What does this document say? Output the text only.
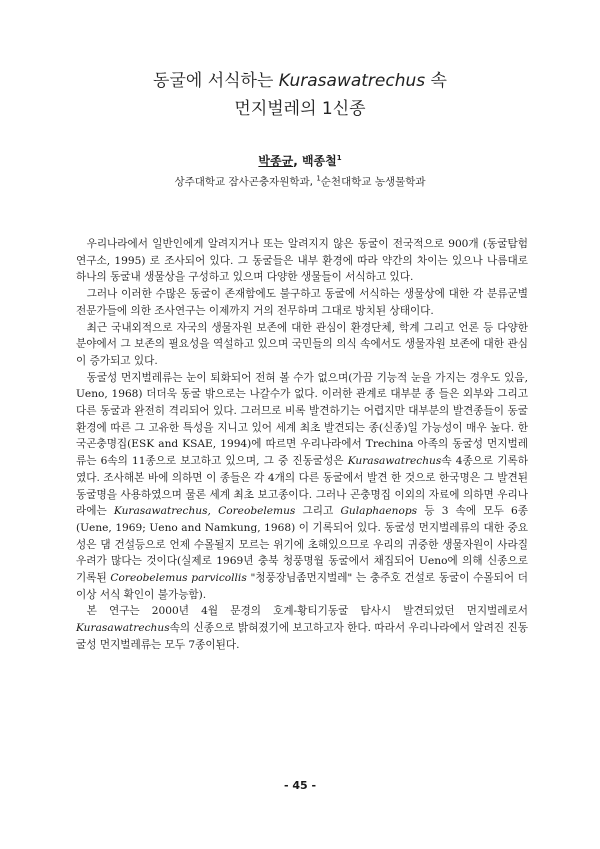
동굴에 서식하는 Kurasawatrechus 속
먼지벌레의 1신종
박종균, 백종철$^1$
상주대학교 잠사곤충자원학과, $^1$순천대학교 농생물학과

우리나라에서 일반인에게 알려지거나 또는 알려지지 않은 동굴이 전국적으로 900개 (동굴탐험연구소, 1995) 로 조사되어 있다. 그 동굴들은 내부 환경에 따라 약간의 차이는 있으나 나름대로 하나의 동굴내 생물상을 구성하고 있으며 다양한 생물들이 서식하고 있다.

그러나 이러한 수많은 동굴이 존재함에도 불구하고 동굴에 서식하는 생물상에 대한 각 분류군별 전문가들에 의한 조사연구는 이제까지 거의 전무하며 그대로 방치된 상태이다.

최근 국내외적으로 자국의 생물자원 보존에 대한 관심이 환경단체, 학계 그리고 언론 등 다양한 분야에서 그 보존의 필요성을 역설하고 있으며 국민들의 의식 속에서도 생물자원 보존에 대한 관심이 증가되고 있다.

동굴성 먼지벌레류는 눈이 퇴화되어 전혀 볼 수가 없으며(가끔 기능적 눈을 가지는 경우도 있음, Ueno, 1968) 더더욱 동굴 밖으로는 나갈수가 없다. 이러한 관계로 대부분 종 들은 외부와 그리고 다른 동굴과 완전히 격리되어 있다. 그러므로 비록 발견하기는 어렵지만 대부분의 발견종들이 동굴환경에 따른 그 고유한 특성을 지니고 있어 세계 최초 발견되는 종(신종)일 가능성이 매우 높다. 한국곤충명집(ESK and KSAE, 1994)에 따르면 우리나라에서 Trechina 아족의 동굴성 먼지벌레류는 6속의 11종으로 보고하고 있으며, 그 중 진동굴성은 Kurasawatrechus속 4종으로 기록하였다. 조사해본 바에 의하면 이 종들은 각 4개의 다른 동굴에서 발견 한 것으로 한국명은 그 발견된 동굴명을 사용하였으며 물론 세계 최초 보고종이다. 그러나 곤충명집 이외의 자료에 의하면 우리나라에는 Kurasawatrechus, Coreobelemus 그리고 Gulaphaenops 등 3 속에 모두 6종(Uene, 1969; Ueno and Namkung, 1968) 이 기록되어 있다. 동굴성 먼지벌레류의 대한 중요성은 댐 건설등으로 언제 수몰될지 모르는 위기에 초해있으므로 우리의 귀중한 생물자원이 사라질 우려가 많다는 것이다(실제로 1969년 충북 청풍명월 동굴에서 채집되어 Ueno에 의해 신종으로 기록된 Coreobelemus parvicollis "청풍장님좀먼지벌레" 는 충주호 건설로 동굴이 수몰되어 더 이상 서식 확인이 불가능함).

본 연구는 2000년 4월 문경의 호계-황티기동굴 탐사시 발견되었던 먼지벌레로서 Kurasawatrechus속의 신종으로 밝혀졌기에 보고하고자 한다. 따라서 우리나라에서 알려진 진동굴성 먼지벌레류는 모두 7종이된다.

- 45 -
